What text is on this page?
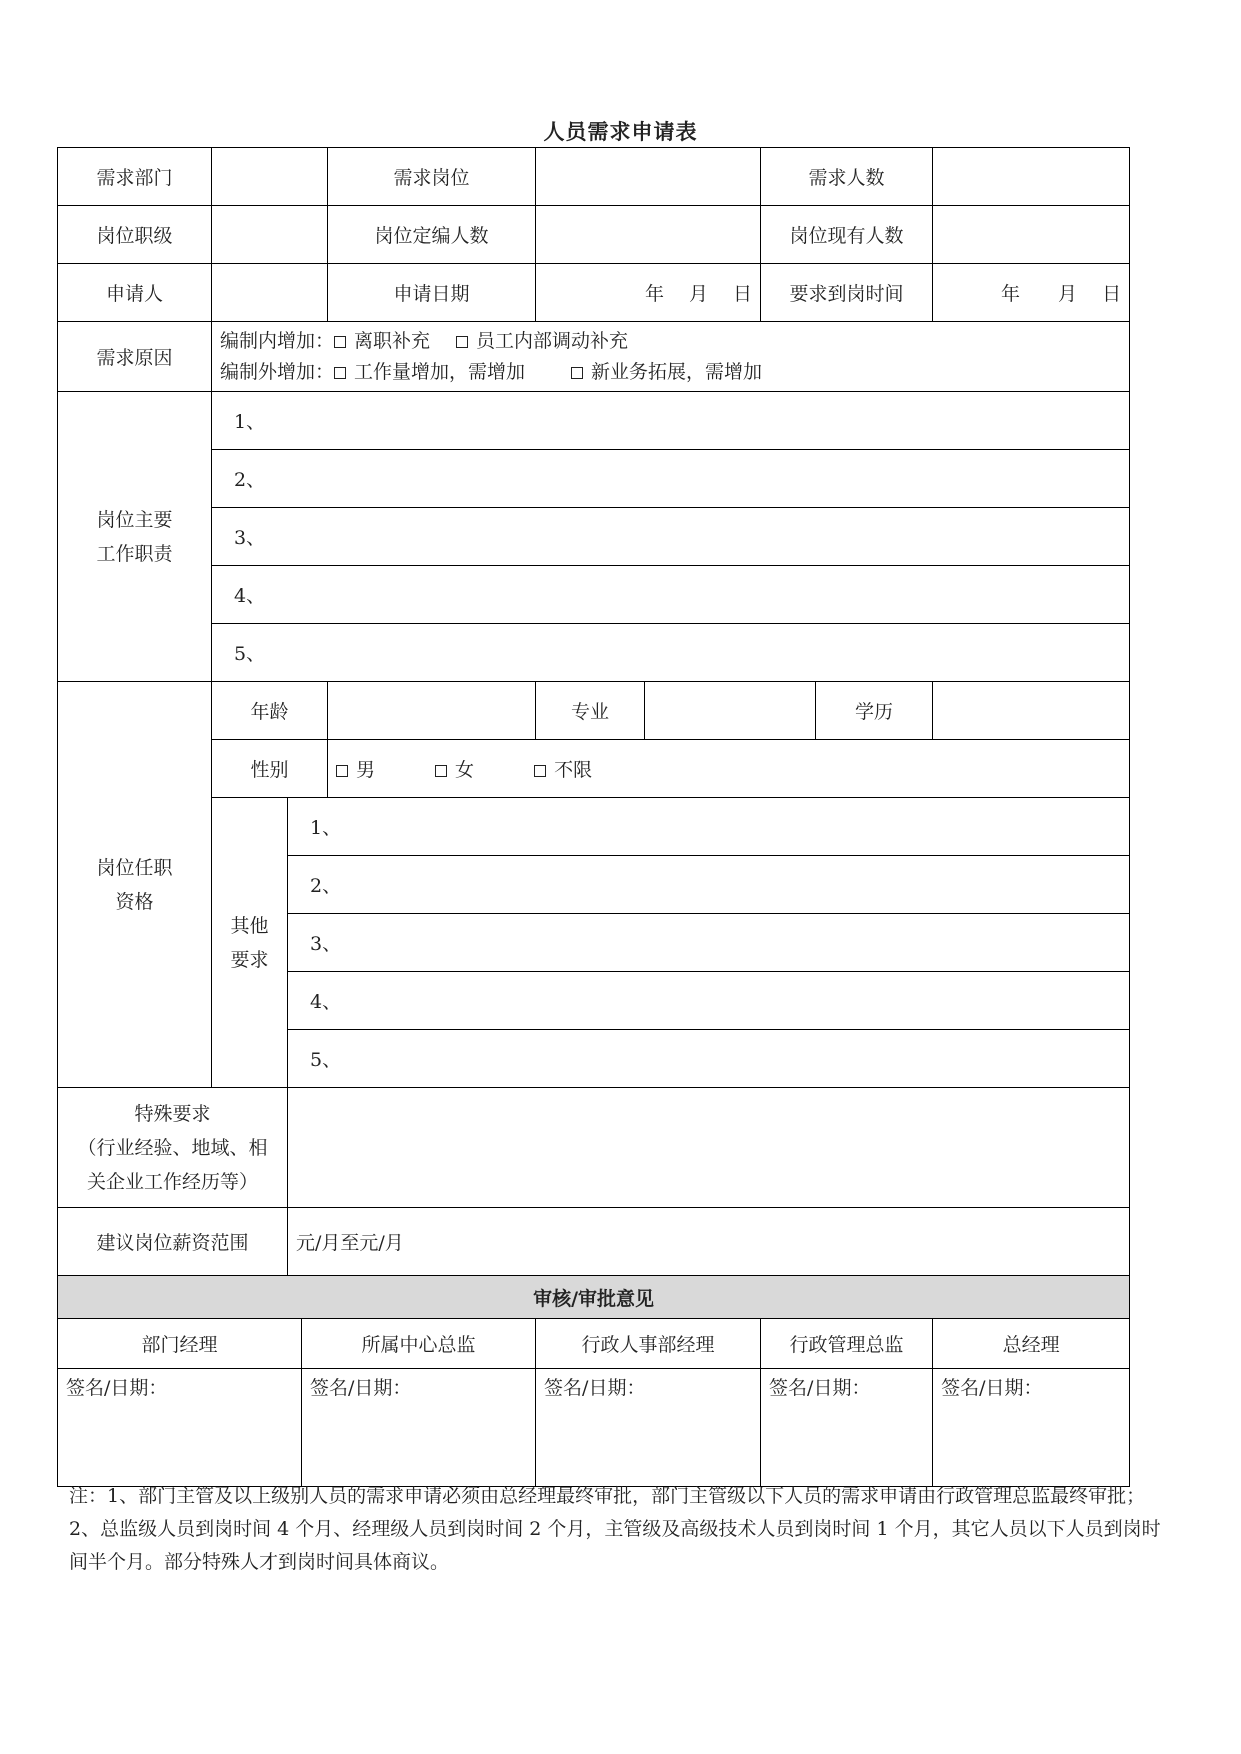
人员需求申请表
需求部门				需求岗位			需求人数		
岗位职级				岗位定编人数			岗位现有人数		
申请人				申请日期	年　 月　 日		要求到岗时间		年　　月　 日
需求原因	编制内增加： 离职补充 员工内部调动补充
编制外增加： 工作量增加，需增加 新业务拓展，需增加								

岗位主要
工作职责	1、								
	2、								
	3、								
	4、								
	5、								
岗位任职
资格	年龄				专业			学历	
	性别			男 女 不限					
	其他
要求	1、							
		2、							
		3、							
		4、							
		5、							
特殊要求
（行业经验、地域、相
关企业工作经历等）									
建议岗位薪资范围		元/月至元/月							
审核/审批意见									
部门经理			所属中心总监		行政人事部经理		行政管理总监		总经理
签名/日期：			签名/日期：		签名/日期：		签名/日期：		签名/日期：

注：1、部门主管及以上级别人员的需求申请必须由总经理最终审批，部门主管级以下人员的需求申请由行政管理总监最终审批；

2、总监级人员到岗时间 4 个月、经理级人员到岗时间 2 个月，主管级及高级技术人员到岗时间 1 个月，其它人员以下人员到岗时间半个月。部分特殊人才到岗时间具体商议。
